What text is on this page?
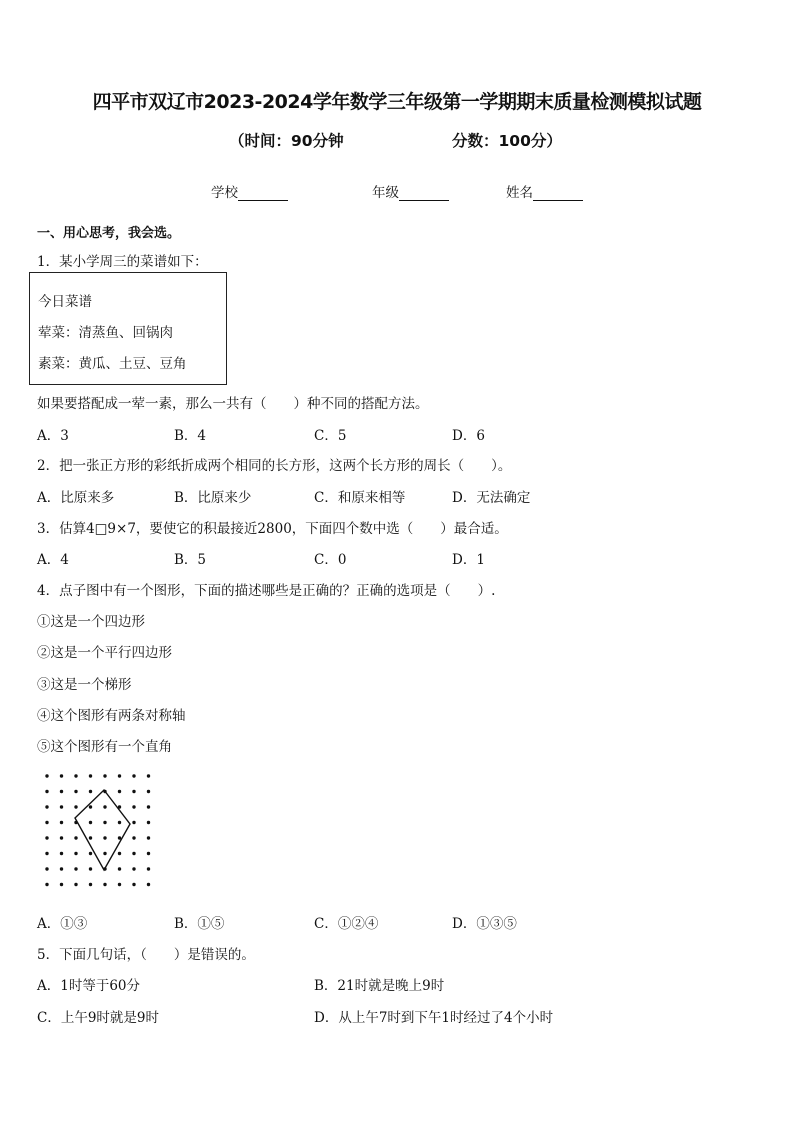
四平市双辽市2023-2024学年数学三年级第一学期期末质量检测模拟试题
（时间：90分钟	分数：100分）
学校	年级	姓名
一、用心思考，我会选。
1．某小学周三的菜谱如下：
今日菜谱
荤菜：清蒸鱼、回锅肉
素菜：黄瓜、土豆、豆角
如果要搭配成一荤一素，那么一共有（　　）种不同的搭配方法。
A．3	B．4	C．5	D．6
2．把一张正方形的彩纸折成两个相同的长方形，这两个长方形的周长（　　）。
A．比原来多	B．比原来少	C．和原来相等	D．无法确定
3．估算4□9×7，要使它的积最接近2800，下面四个数中选（　　）最合适。
A．4	B．5	C．0	D．1
4．点子图中有一个图形，下面的描述哪些是正确的？正确的选项是（　　）.
①这是一个四边形
②这是一个平行四边形
③这是一个梯形
④这个图形有两条对称轴
⑤这个图形有一个直角
A．①③	B．①⑤	C．①②④	D．①③⑤
5．下面几句话，（　　）是错误的。
A．1时等于60分	B．21时就是晚上9时
C．上午9时就是9时	D．从上午7时到下午1时经过了4个小时
